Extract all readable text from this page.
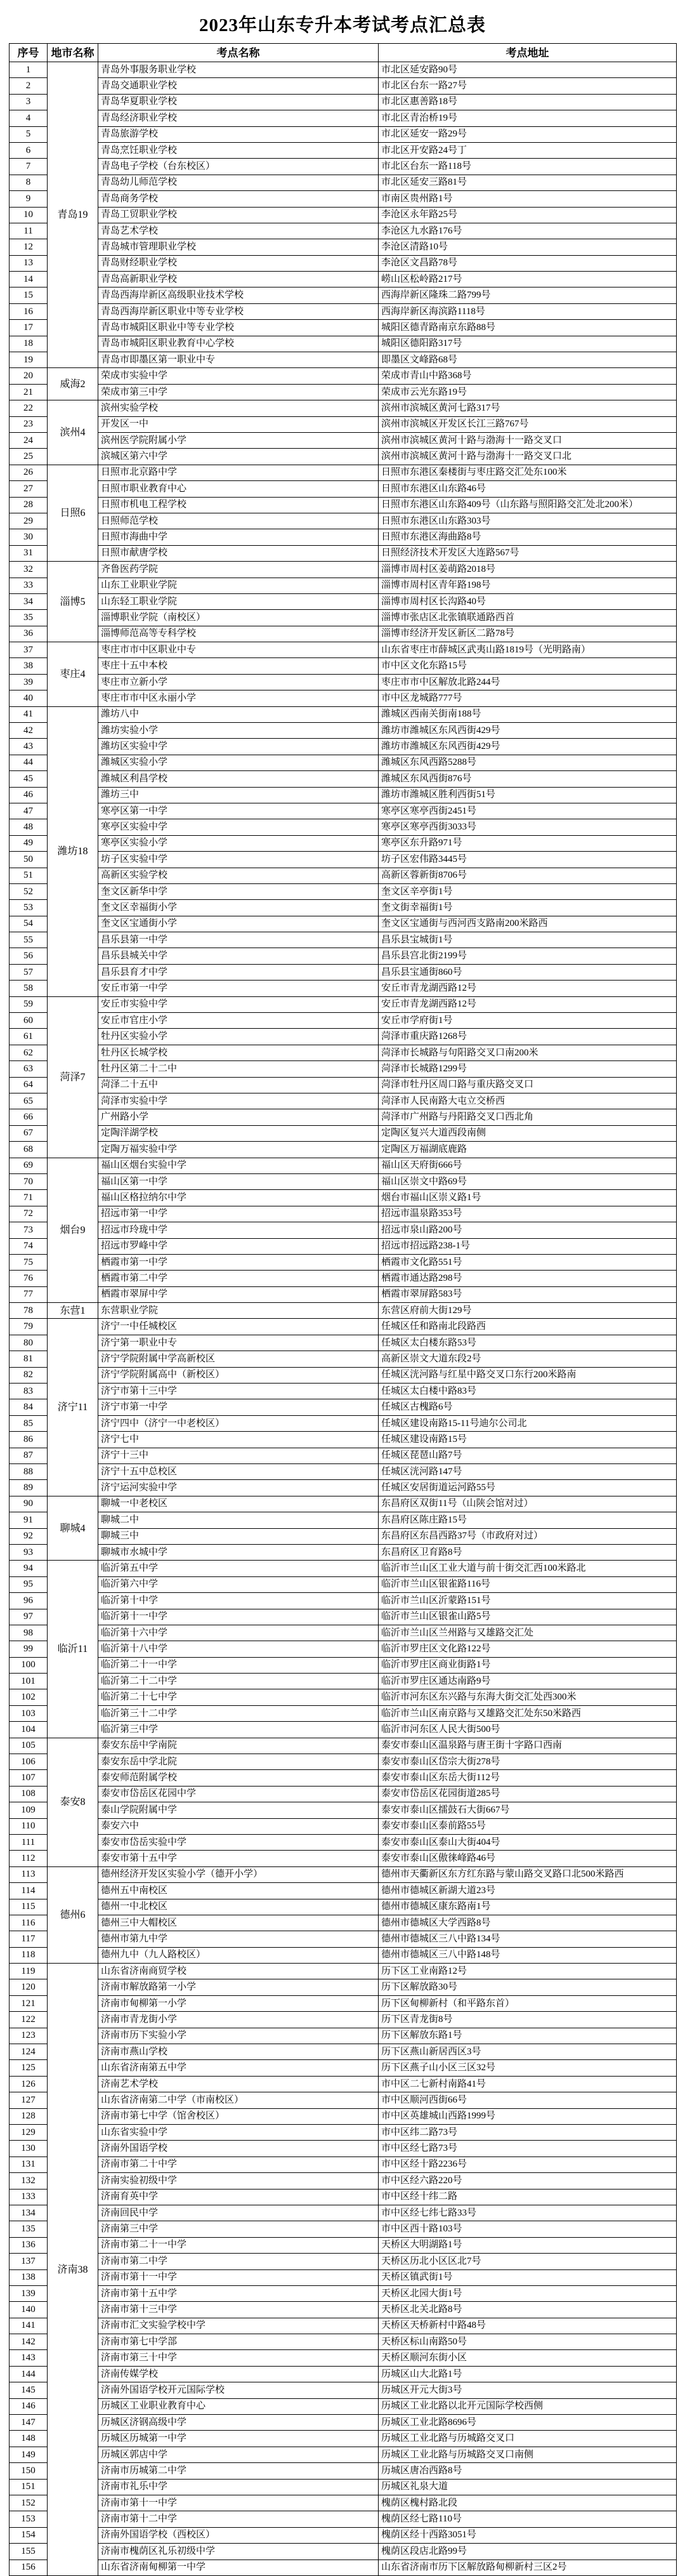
2023年山东专升本考试考点汇总表
序号	地市名称	考点名称	考点地址
1	青岛19	青岛外事服务职业学校	市北区延安路90号
2		青岛交通职业学校	市北区台东一路27号
3		青岛华夏职业学校	市北区惠善路18号
4		青岛经济职业学校	市北区青治桥19号
5		青岛旅游学校	市北区延安一路29号
6		青岛烹饪职业学校	市北区开安路24号丁
7		青岛电子学校（台东校区）	市北区台东一路118号
8		青岛幼儿师范学校	市北区延安三路81号
9		青岛商务学校	市南区贵州路1号
10		青岛工贸职业学校	李沧区永年路25号
11		青岛艺术学校	李沧区九水路176号
12		青岛城市管理职业学校	李沧区清路10号
13		青岛财经职业学校	李沧区文昌路78号
14		青岛高新职业学校	崂山区松岭路217号
15		青岛西海岸新区高级职业技术学校	西海岸新区隆珠二路799号
16		青岛西海岸新区职业中等专业学校	西海岸新区海滨路1118号
17		青岛市城阳区职业中等专业学校	城阳区德青路南京东路88号
18		青岛市城阳区职业教育中心学校	城阳区德阳路317号
19		青岛市即墨区第一职业中专	即墨区文峰路68号
20	威海2	荣成市实验中学	荣成市青山中路368号
21		荣成市第三中学	荣成市云光东路19号
22	滨州4	滨州实验学校	滨州市滨城区黄河七路317号
23		开发区一中	滨州市滨城区开发区长江三路767号
24		滨州医学院附属小学	滨州市滨城区黄河十路与渤海十一路交叉口
25		滨城区第六中学	滨州市滨城区黄河十路与渤海十一路交叉口北
26	日照6	日照市北京路中学	日照市东港区秦楼街与枣庄路交汇处东100米
27		日照市职业教育中心	日照市东港区山东路46号
28		日照市机电工程学校	日照市东港区山东路409号（山东路与照阳路交汇处北200米）
29		日照师范学校	日照市东港区山东路303号
30		日照市海曲中学	日照市东港区海曲路8号
31		日照市献唐学校	日照经济技术开发区大连路567号
32	淄博5	齐鲁医药学院	淄博市周村区姜萌路2018号
33		山东工业职业学院	淄博市周村区青年路198号
34		山东轻工职业学院	淄博市周村区长沟路40号
35		淄博职业学院（南校区）	淄博市张店区北张镇联通路西首
36		淄博师范高等专科学校	淄博市经济开发区新区二路78号
37	枣庄4	枣庄市市中区职业中专	山东省枣庄市薛城区武夷山路1819号（光明路南）
38		枣庄十五中本校	市中区文化东路15号
39		枣庄市立新小学	枣庄市市中区解放北路244号
40		枣庄市市中区永丽小学	市中区龙城路777号
41	潍坊18	潍坊八中	潍城区西南关街南188号
42		潍坊实验小学	潍坊市潍城区东风西街429号
43		潍坊区实验中学	潍坊市潍城区东风西街429号
44		潍城区实验小学	潍城区东风西路5288号
45		潍城区利昌学校	潍城区东风西街876号
46		潍坊三中	潍坊市潍城区胜利西街51号
47		寒亭区第一中学	寒亭区寒亭西街2451号
48		寒亭区实验中学	寒亭区寒亭西街3033号
49		寒亭区实验小学	寒亭区东升路971号
50		坊子区实验中学	坊子区宏伟路3445号
51		高新区实验学校	高新区蓉新街8706号
52		奎文区新华中学	奎文区辛亭街1号
53		奎文区幸福街小学	奎文街幸福街1号
54		奎文区宝通街小学	奎文区宝通街与西河西支路南200米路西
55		昌乐县第一中学	昌乐县宝城街1号
56		昌乐县城关中学	昌乐县宫北街2199号
57		昌乐县育才中学	昌乐县宝通街860号
58		安丘市第一中学	安丘市青龙湖西路12号
59	菏泽7	安丘市实验中学	安丘市青龙湖西路12号
60		安丘市官庄小学	安丘市学府街1号
61		牡丹区实验小学	菏泽市重庆路1268号
62		牡丹区长城学校	菏泽市长城路与句阳路交叉口南200米
63		牡丹区第二十二中	菏泽市长城路1299号
64		菏泽二十五中	菏泽市牡丹区周口路与重庆路交叉口
65		菏泽市实验中学	菏泽市人民南路大屯立交桥西
66		广州路小学	菏泽市广州路与丹阳路交叉口西北角
67		定陶洋湖学校	定陶区复兴大道西段南侧
68		定陶万福实验中学	定陶区万福湖底鹿路
69	烟台9	福山区烟台实验中学	福山区天府街666号
70		福山区第一中学	福山区崇文中路69号
71		福山区格拉纳尔中学	烟台市福山区崇义路1号
72		招远市第一中学	招远市温泉路353号
73		招远市玲珑中学	招远市泉山路200号
74		招远市罗峰中学	招远市招远路238-1号
75		栖霞市第一中学	栖霞市文化路551号
76		栖霞市第二中学	栖霞市通达路298号
77		栖霞市翠屏中学	栖霞市翠屏路583号
78	东营1	东营职业学院	东营区府前大街129号
79	济宁11	济宁一中任城校区	任城区任和路南北段路西
80		济宁第一职业中专	任城区太白楼东路53号
81		济宁学院附属中学高新校区	高新区崇文大道东段2号
82		济宁学院附属高中（新校区）	任城区洸河路与红星中路交叉口东行200米路南
83		济宁市第十三中学	任城区太白楼中路83号
84		济宁市第一中学	任城区古槐路6号
85		济宁四中（济宁一中老校区）	任城区建设南路15-11号迪尔公司北
86		济宁七中	任城区建设南路15号
87		济宁十三中	任城区琵琶山路7号
88		济宁十五中总校区	任城区洸河路147号
89		济宁运河实验中学	任城区安居街道运河路55号
90	聊城4	聊城一中老校区	东昌府区双街11号（山陕会馆对过）
91		聊城二中	东昌府区陈庄路15号
92		聊城三中	东昌府区东昌西路37号（市政府对过）
93		聊城市水城中学	东昌府区卫育路8号
94	临沂11	临沂第五中学	临沂市兰山区工业大道与前十街交汇西100米路北
95		临沂第六中学	临沂市兰山区银雀路116号
96		临沂第十中学	临沂市兰山区沂蒙路151号
97		临沂第十一中学	临沂市兰山区银雀山路5号
98		临沂第十六中学	临沂市兰山区兰州路与又雄路交汇处
99		临沂第十八中学	临沂市罗庄区文化路122号
100		临沂第二十一中学	临沂市罗庄区商业街路1号
101		临沂第二十二中学	临沂市罗庄区通达南路9号
102		临沂第二十七中学	临沂市河东区东兴路与东海大街交汇处西300米
103		临沂第三十二中学	临沂市兰山区南京路与又雄路交汇处东50米路西
104		临沂第三中学	临沂市河东区人民大街500号
105	泰安8	泰安东岳中学南院	泰安市泰山区温泉路与唐王街十字路口西南
106		泰安东岳中学北院	泰安市泰山区岱宗大街278号
107		泰安师范附属学校	泰安市泰山区东岳大街112号
108		泰安市岱岳区花园中学	泰安市岱岳区花园街道285号
109		泰山学院附属中学	泰安市泰山区擂鼓石大街667号
110		泰安六中	泰安市泰山区泰前路55号
111		泰安市岱岳实验中学	泰安市泰山区泰山大街404号
112		泰安市第十五中学	泰安市泰山区傲徕峰路46号
113	德州6	德州经济开发区实验小学（德开小学）	德州市天衢新区东方红东路与蒙山路交叉路口北500米路西
114		德州五中南校区	德州市德城区新湖大道23号
115		德州一中北校区	德州市德城区康东路南1号
116		德州三中大帽校区	德州市德城区大学西路8号
117		德州市第九中学	德州市德城区三八中路134号
118		德州九中（九人路校区）	德州市德城区三八中路148号
119	济南38	山东省济南商贸学校	历下区工业南路12号
120		济南市解放路第一小学	历下区解放路30号
121		济南市甸柳第一小学	历下区甸柳新村（和平路东首）
122		济南市青龙街小学	历下区青龙街8号
123		济南市历下实验小学	历下区解放东路1号
124		济南市燕山学校	历下区燕山新居西区3号
125		山东省济南第五中学	历下区燕子山小区三区32号
126		济南艺术学校	市中区二七新村南路41号
127		山东省济南第二中学（市南校区）	市中区顺河西街66号
128		济南市第七中学（馆舍校区）	市中区英雄城山西路1999号
129		山东省实验中学	市中区纬二路73号
130		济南外国语学校	市中区经七路73号
131		济南市第二十中学	市中区经十路2236号
132		济南实验初级中学	市中区经六路220号
133		济南育英中学	市中区经十纬二路
134		济南回民中学	市中区经七纬七路33号
135		济南第三中学	市中区西十路103号
136		济南市第二十一中学	天桥区大明湖路1号
137		济南市第二中学	天桥区历北小区区北7号
138		济南市第十一中学	天桥区镇武街1号
139		济南市第十五中学	天桥区北园大街1号
140		济南市第十三中学	天桥区北关北路8号
141		济南市汇文实验学校中学	天桥区天桥新村中路48号
142		济南市第七中学部	天桥区标山南路50号
143		济南市第三十中学	天桥区顺河东街小区
144		济南传媒学校	历城区山大北路1号
145		济南外国语学校开元国际学校	历城区开元大街3号
146		历城区工业职业教育中心	历城区工业北路以北开元国际学校西侧
147		历城区济钢高级中学	历城区工业北路8696号
148		历城区历城第一中学	历城区工业北路与历城路交叉口
149		历城区郭店中学	历城区工业北路与历城路交叉口南侧
150		济南市历城第二中学	历城区唐冶西路8号
151		济南市礼乐中学	历城区礼泉大道
152		济南市第十一中学	槐荫区槐村路北段
153		济南市第十二中学	槐荫区经七路110号
154		济南外国语学校（西校区）	槐荫区经十西路3051号
155		济南市槐荫区礼乐初级中学	槐荫区段店北路99号
156		山东省济南甸柳第一中学	山东省济南市历下区解放路甸柳新村三区2号
